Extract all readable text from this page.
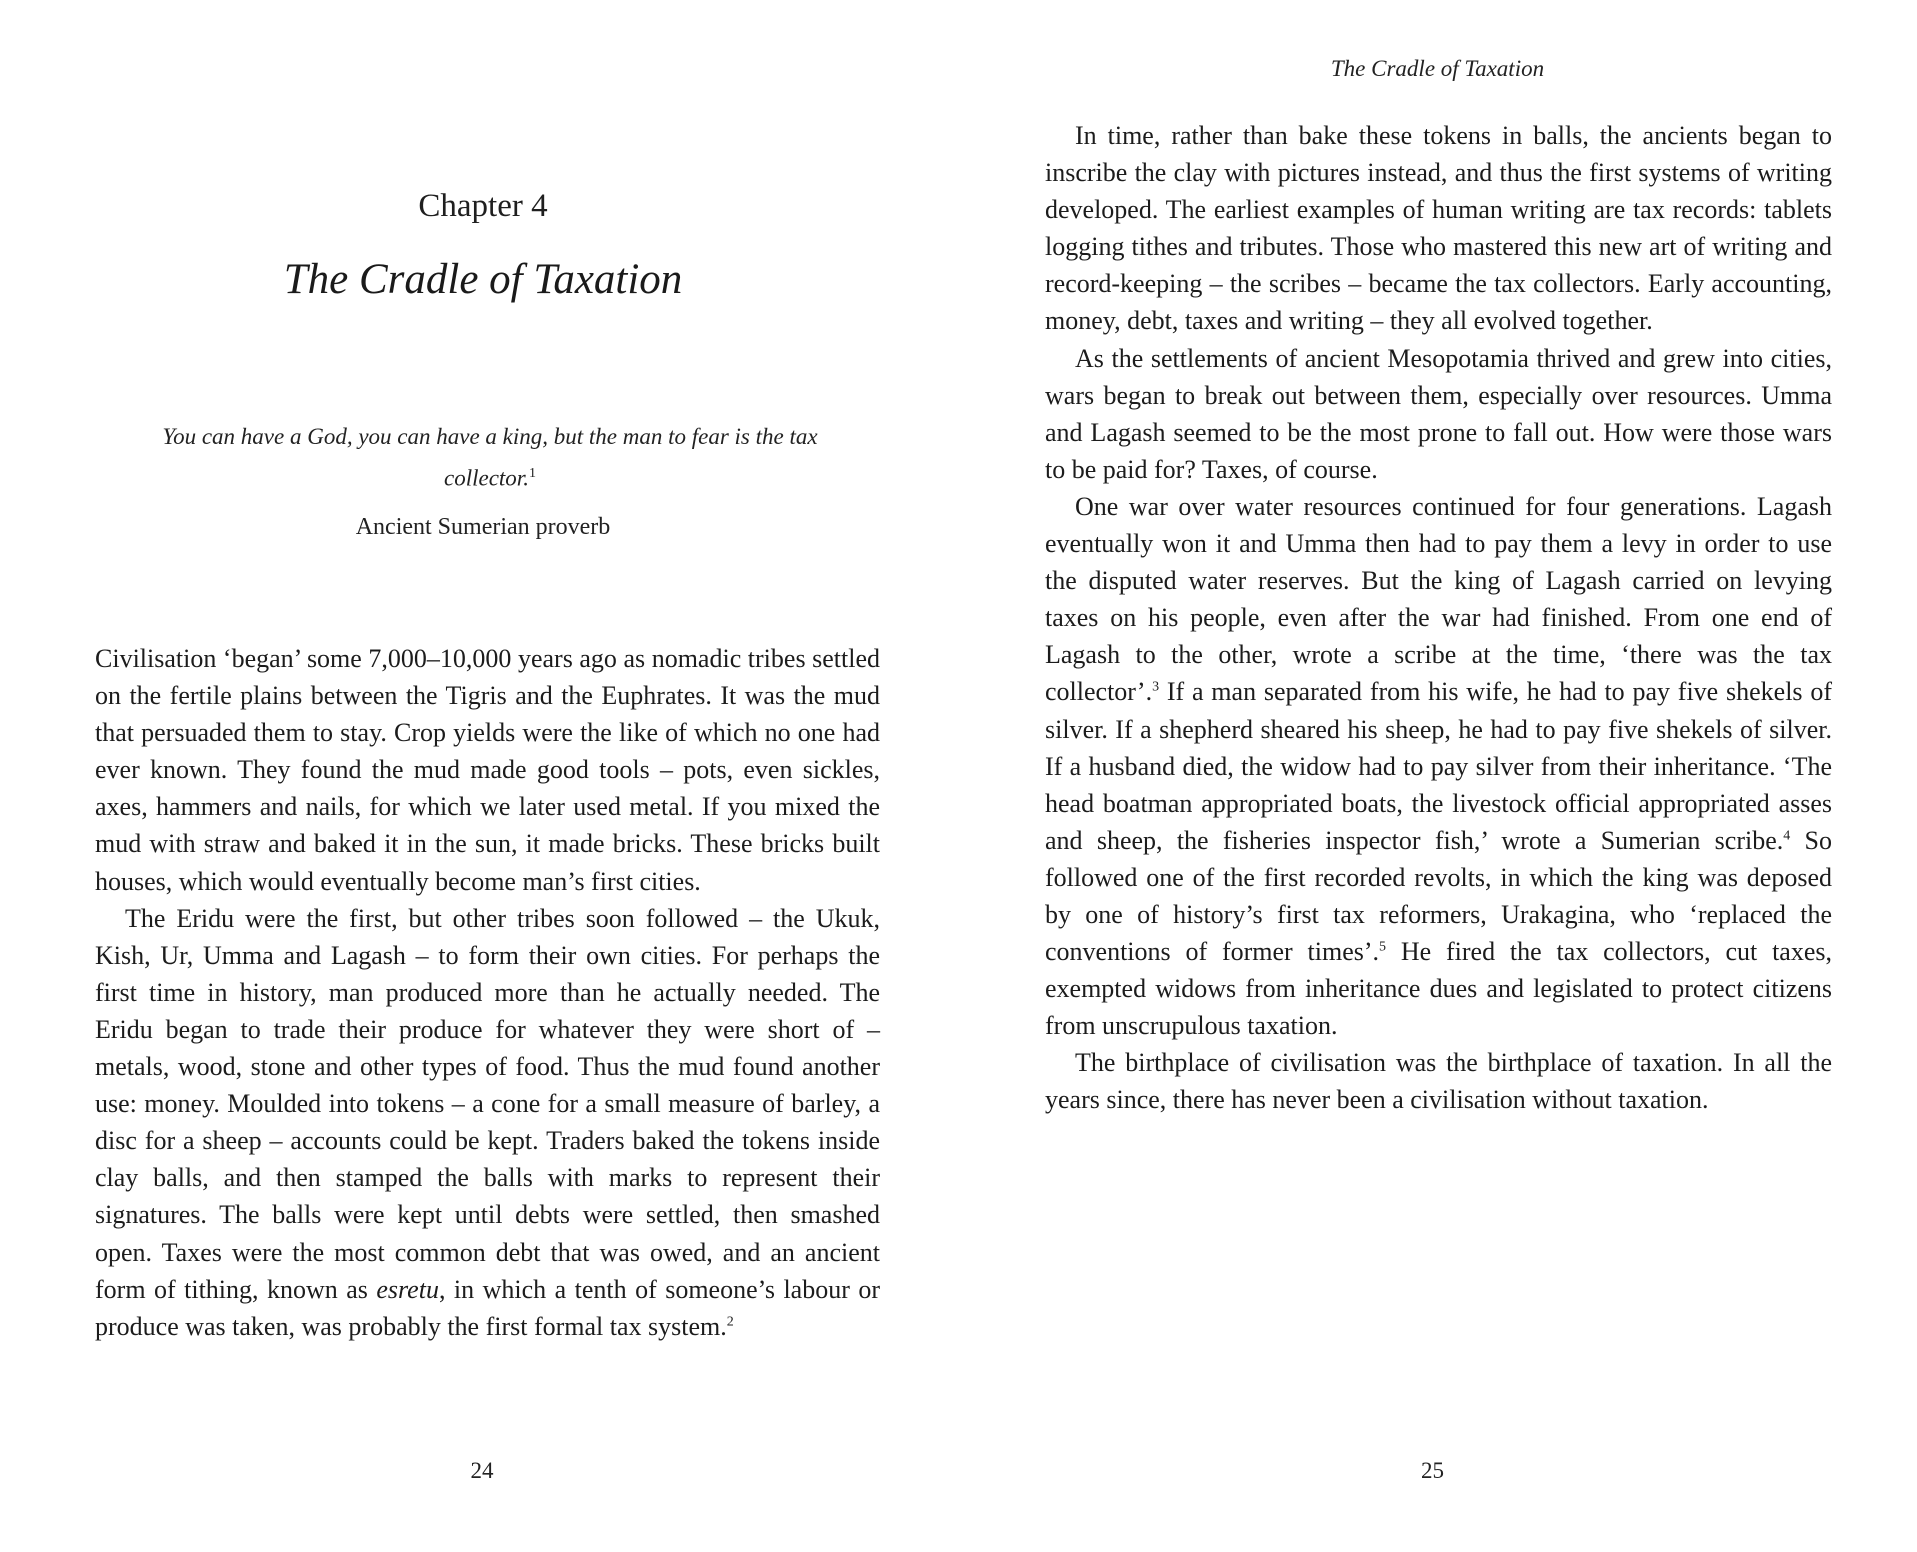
Chapter 4
The Cradle of Taxation
You can have a God, you can have a king, but the man to fear is the tax collector.$^1$
Ancient Sumerian proverb

Civilisation ‘began’ some 7,000–10,000 years ago as nomadic tribes settled on the fertile plains between the Tigris and the Euphrates. It was the mud that persuaded them to stay. Crop yields were the like of which no one had ever known. They found the mud made good tools – pots, even sickles, axes, hammers and nails, for which we later used metal. If you mixed the mud with straw and baked it in the sun, it made bricks. These bricks built houses, which would eventually become man’s first cities.

The Eridu were the first, but other tribes soon followed – the Ukuk, Kish, Ur, Umma and Lagash – to form their own cities. For perhaps the first time in history, man produced more than he actually needed. The Eridu began to trade their produce for whatever they were short of – metals, wood, stone and other types of food. Thus the mud found another use: money. Moulded into tokens – a cone for a small measure of barley, a disc for a sheep – accounts could be kept. Traders baked the tokens inside clay balls, and then stamped the balls with marks to represent their signatures. The balls were kept until debts were settled, then smashed open. Taxes were the most common debt that was owed, and an ancient form of tithing, known as esretu, in which a tenth of someone’s labour or produce was taken, was probably the first formal tax system.$^2$

24
The Cradle of Taxation

In time, rather than bake these tokens in balls, the ancients began to inscribe the clay with pictures instead, and thus the first systems of writing developed. The earliest examples of human writing are tax records: tablets logging tithes and tributes. Those who mastered this new art of writing and record-keeping – the scribes – became the tax collectors. Early accounting, money, debt, taxes and writing – they all evolved together.

As the settlements of ancient Mesopotamia thrived and grew into cities, wars began to break out between them, especially over resources. Umma and Lagash seemed to be the most prone to fall out. How were those wars to be paid for? Taxes, of course.

One war over water resources continued for four generations. Lagash eventually won it and Umma then had to pay them a levy in order to use the disputed water reserves. But the king of Lagash carried on levying taxes on his people, even after the war had finished. From one end of Lagash to the other, wrote a scribe at the time, ‘there was the tax collector’.$^3$ If a man separated from his wife, he had to pay five shekels of silver. If a shepherd sheared his sheep, he had to pay five shekels of silver. If a husband died, the widow had to pay silver from their inheritance. ‘The head boatman appropriated boats, the livestock official appropriated asses and sheep, the fisheries inspector fish,’ wrote a Sumerian scribe.$^4$ So followed one of the first recorded revolts, in which the king was deposed by one of history’s first tax reformers, Urakagina, who ‘replaced the conventions of former times’.$^5$ He fired the tax collectors, cut taxes, exempted widows from inheritance dues and legislated to protect citizens from unscrupulous taxation.

The birthplace of civilisation was the birthplace of taxation. In all the years since, there has never been a civilisation without taxation.

25
